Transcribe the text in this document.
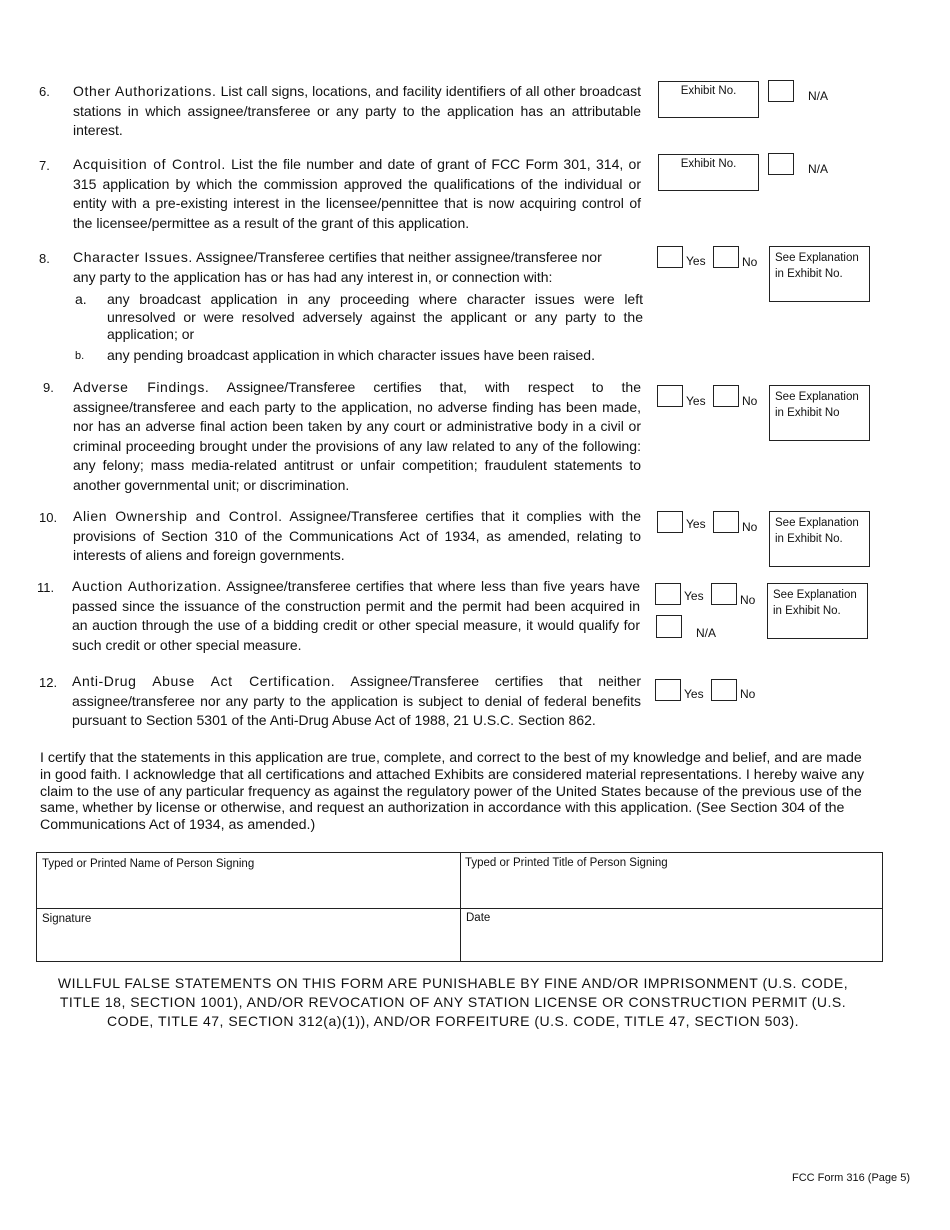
6. Other Authorizations. List call signs, locations, and facility identifiers of all other broadcast stations in which assignee/transferee or any party to the application has an attributable interest.
Exhibit No.	N/A
7. Acquisition of Control. List the file number and date of grant of FCC Form 301, 314, or 315 application by which the commission approved the qualifications of the individual or entity with a pre-existing interest in the licensee/pennittee that is now acquiring control of the licensee/permittee as a result of the grant of this application.
Exhibit No.	N/A
8. Character Issues. Assignee/Transferee certifies that neither assignee/transferee nor any party to the application has or has had any interest in, or connection with:
a. any broadcast application in any proceeding where character issues were left unresolved or were resolved adversely against the applicant or any party to the application; or
b. any pending broadcast application in which character issues have been raised.
Yes	No	See Explanation in Exhibit No.
9. Adverse Findings. Assignee/Transferee certifies that, with respect to the assignee/transferee and each party to the application, no adverse finding has been made, nor has an adverse final action been taken by any court or administrative body in a civil or criminal proceeding brought under the provisions of any law related to any of the following: any felony; mass media-related antitrust or unfair competition; fraudulent statements to another governmental unit; or discrimination.
Yes	No	See Explanation in Exhibit No
10. Alien Ownership and Control. Assignee/Transferee certifies that it complies with the provisions of Section 310 of the Communications Act of 1934, as amended, relating to interests of aliens and foreign governments.
Yes	No	See Explanation in Exhibit No.
11. Auction Authorization. Assignee/transferee certifies that where less than five years have passed since the issuance of the construction permit and the permit had been acquired in an auction through the use of a bidding credit or other special measure, it would qualify for such credit or other special measure.
Yes	No
N/A
See Explanation in Exhibit No.
12. Anti-Drug Abuse Act Certification. Assignee/Transferee certifies that neither assignee/transferee nor any party to the application is subject to denial of federal benefits pursuant to Section 5301 of the Anti-Drug Abuse Act of 1988, 21 U.S.C. Section 862.
Yes	No
I certify that the statements in this application are true, complete, and correct to the best of my knowledge and belief, and are made in good faith. I acknowledge that all certifications and attached Exhibits are considered material representations. I hereby waive any claim to the use of any particular frequency as against the regulatory power of the United States because of the previous use of the same, whether by license or otherwise, and request an authorization in accordance with this application. (See Section 304 of the Communications Act of 1934, as amended.)
Typed or Printed Name of Person Signing	Typed or Printed Title of Person Signing
Signature	Date
WILLFUL FALSE STATEMENTS ON THIS FORM ARE PUNISHABLE BY FINE AND/OR IMPRISONMENT (U.S. CODE, TITLE 18, SECTION 1001), AND/OR REVOCATION OF ANY STATION LICENSE OR CONSTRUCTION PERMIT (U.S. CODE, TITLE 47, SECTION 312(a)(1)), AND/OR FORFEITURE (U.S. CODE, TITLE 47, SECTION 503).
FCC Form 316 (Page 5)
